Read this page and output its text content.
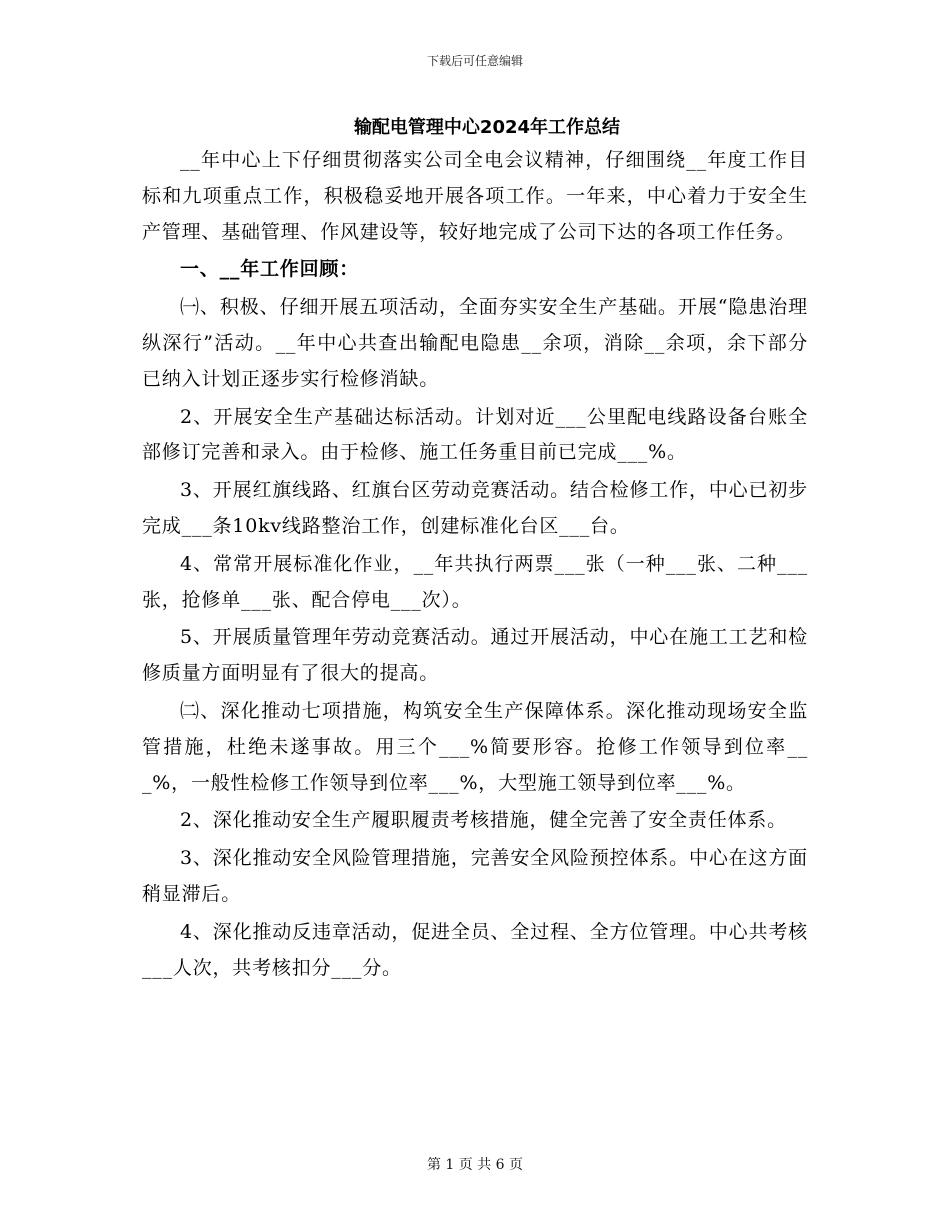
下载后可任意编辑
输配电管理中心2024年工作总结

__年中心上下仔细贯彻落实公司全电会议精神，仔细围绕__年度工作目标和九项重点工作，积极稳妥地开展各项工作。一年来，中心着力于安全生产管理、基础管理、作风建设等，较好地完成了公司下达的各项工作任务。

一、__年工作回顾：

㈠、积极、仔细开展五项活动，全面夯实安全生产基础。开展“隐患治理纵深行”活动。__年中心共查出输配电隐患__余项，消除__余项，余下部分已纳入计划正逐步实行检修消缺。

2、开展安全生产基础达标活动。计划对近___公里配电线路设备台账全部修订完善和录入。由于检修、施工任务重目前已完成___%。

3、开展红旗线路、红旗台区劳动竞赛活动。结合检修工作，中心已初步完成___条10kv线路整治工作，创建标准化台区___台。

4、常常开展标准化作业，__年共执行两票___张（一种___张、二种___张，抢修单___张、配合停电___次）。

5、开展质量管理年劳动竞赛活动。通过开展活动，中心在施工工艺和检修质量方面明显有了很大的提高。

㈡、深化推动七项措施，构筑安全生产保障体系。深化推动现场安全监管措施，杜绝未遂事故。用三个___%简要形容。抢修工作领导到位率___%，一般性检修工作领导到位率___%，大型施工领导到位率___%。

2、深化推动安全生产履职履责考核措施，健全完善了安全责任体系。

3、深化推动安全风险管理措施，完善安全风险预控体系。中心在这方面稍显滞后。

4、深化推动反违章活动，促进全员、全过程、全方位管理。中心共考核___人次，共考核扣分___分。

第 1 页 共 6 页
